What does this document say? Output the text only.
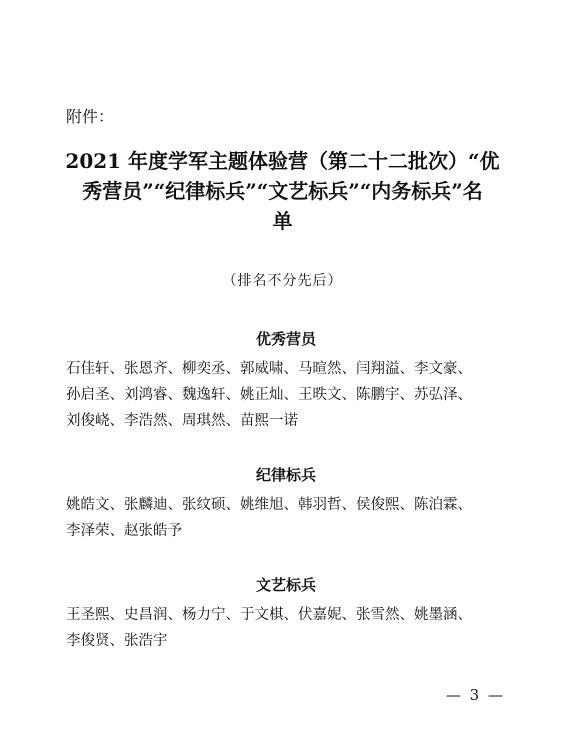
附件：
2021 年度学军主题体验营（第二十二批次）“优
秀营员”“纪律标兵”“文艺标兵”“内务标兵”名
单
（排名不分先后）
优秀营员
石佳轩、张恩齐、柳奕丞、郭威啸、马暄然、闫翔溢、李文豪、
孙启圣、刘鸿睿、魏逸轩、姚正灿、王昳文、陈鹏宇、苏弘泽、
刘俊峣、李浩然、周琪然、苗熙一诺
纪律标兵
姚皓文、张麟迪、张纹硕、姚维旭、韩羽哲、侯俊熙、陈泊霖、
李泽荣、赵张皓予
文艺标兵
王圣熙、史昌润、杨力宁、于文棋、伏嘉妮、张雪然、姚墨涵、
李俊贤、张浩宇
— 3 —
